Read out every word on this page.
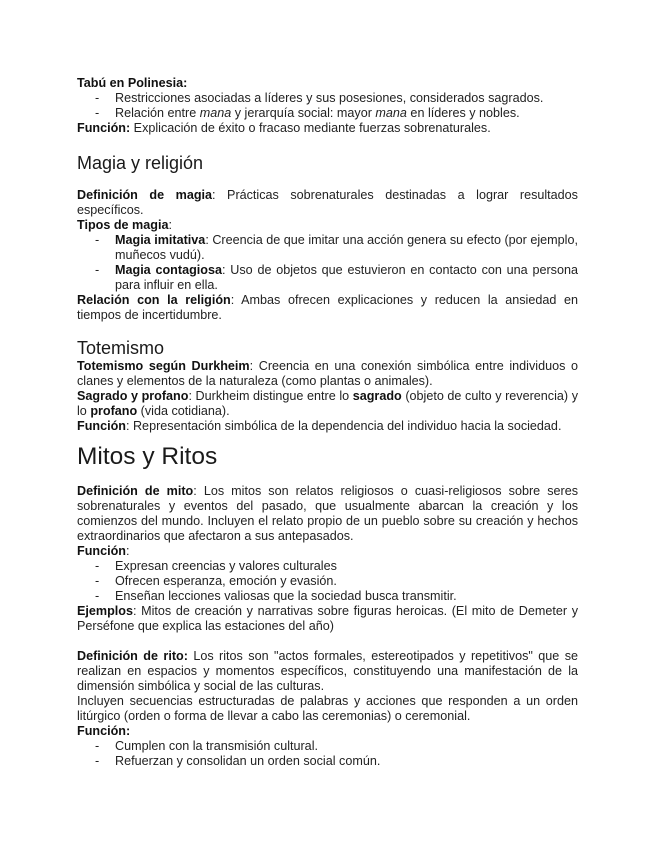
Tabú en Polinesia:

- Restricciones asociadas a líderes y sus posesiones, considerados sagrados.
- Relación entre mana y jerarquía social: mayor mana en líderes y nobles.

Función: Explicación de éxito o fracaso mediante fuerzas sobrenaturales.

Magia y religión

Definición de magia: Prácticas sobrenaturales destinadas a lograr resultados específicos.

Tipos de magia:

- Magia imitativa: Creencia de que imitar una acción genera su efecto (por ejemplo, muñecos vudú).
- Magia contagiosa: Uso de objetos que estuvieron en contacto con una persona para influir en ella.

Relación con la religión: Ambas ofrecen explicaciones y reducen la ansiedad en tiempos de incertidumbre.

Totemismo

Totemismo según Durkheim: Creencia en una conexión simbólica entre individuos o clanes y elementos de la naturaleza (como plantas o animales).

Sagrado y profano: Durkheim distingue entre lo sagrado (objeto de culto y reverencia) y lo profano (vida cotidiana).

Función: Representación simbólica de la dependencia del individuo hacia la sociedad.

Mitos y Ritos

Definición de mito: Los mitos son relatos religiosos o cuasi-religiosos sobre seres sobrenaturales y eventos del pasado, que usualmente abarcan la creación y los comienzos del mundo. Incluyen el relato propio de un pueblo sobre su creación y hechos extraordinarios que afectaron a sus antepasados.

Función:

- Expresan creencias y valores culturales
- Ofrecen esperanza, emoción y evasión.
- Enseñan lecciones valiosas que la sociedad busca transmitir.

Ejemplos: Mitos de creación y narrativas sobre figuras heroicas. (El mito de Demeter y Perséfone que explica las estaciones del año)

Definición de rito: Los ritos son "actos formales, estereotipados y repetitivos" que se realizan en espacios y momentos específicos, constituyendo una manifestación de la dimensión simbólica y social de las culturas.

Incluyen secuencias estructuradas de palabras y acciones que responden a un orden litúrgico (orden o forma de llevar a cabo las ceremonias) o ceremonial.

Función:

- Cumplen con la transmisión cultural.
- Refuerzan y consolidan un orden social común.
